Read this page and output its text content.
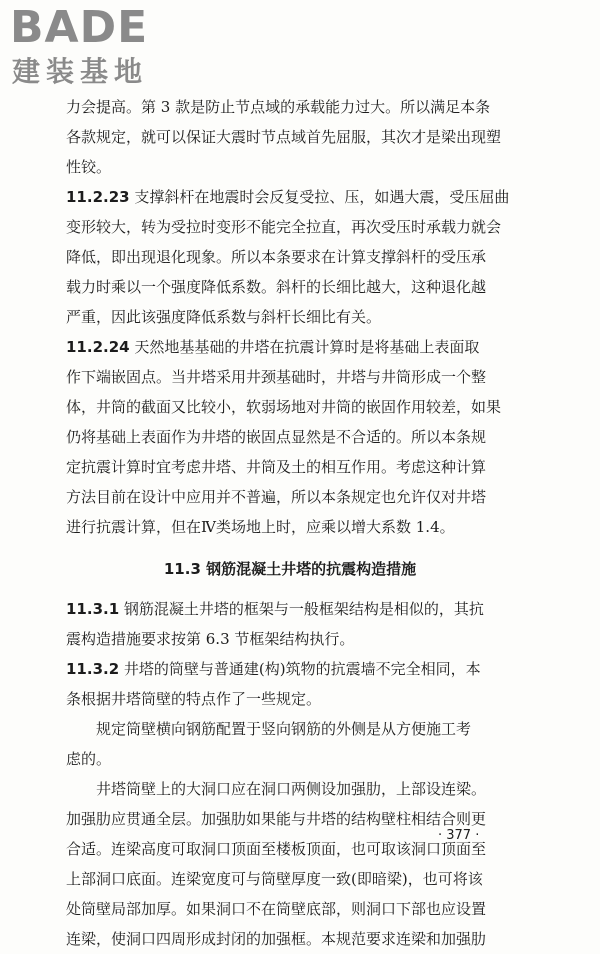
BADE
建装基地
力会提高。第 3 款是防止节点域的承载能力过大。所以满足本条
各款规定，就可以保证大震时节点域首先屈服，其次才是梁出现塑
性铰。
11.2.23 支撑斜杆在地震时会反复受拉、压，如遇大震，受压屈曲
变形较大，转为受拉时变形不能完全拉直，再次受压时承载力就会
降低，即出现退化现象。所以本条要求在计算支撑斜杆的受压承
载力时乘以一个强度降低系数。斜杆的长细比越大，这种退化越
严重，因此该强度降低系数与斜杆长细比有关。
11.2.24 天然地基基础的井塔在抗震计算时是将基础上表面取
作下端嵌固点。当井塔采用井颈基础时，井塔与井筒形成一个整
体，井筒的截面又比较小，软弱场地对井筒的嵌固作用较差，如果
仍将基础上表面作为井塔的嵌固点显然是不合适的。所以本条规
定抗震计算时宜考虑井塔、井筒及土的相互作用。考虑这种计算
方法目前在设计中应用并不普遍，所以本条规定也允许仅对井塔
进行抗震计算，但在Ⅳ类场地上时，应乘以增大系数 1.4。
11.3 钢筋混凝土井塔的抗震构造措施
11.3.1 钢筋混凝土井塔的框架与一般框架结构是相似的，其抗
震构造措施要求按第 6.3 节框架结构执行。
11.3.2 井塔的筒壁与普通建(构)筑物的抗震墙不完全相同，本
条根据井塔筒壁的特点作了一些规定。
规定筒壁横向钢筋配置于竖向钢筋的外侧是从方便施工考
虑的。
井塔筒壁上的大洞口应在洞口两侧设加强肋，上部设连梁。
加强肋应贯通全层。加强肋如果能与井塔的结构壁柱相结合则更
合适。连梁高度可取洞口顶面至楼板顶面，也可取该洞口顶面至
上部洞口底面。连梁宽度可与筒壁厚度一致(即暗梁)，也可将该
处筒壁局部加厚。如果洞口不在筒壁底部，则洞口下部也应设置
连梁，使洞口四周形成封闭的加强框。本规范要求连梁和加强肋
· 377 ·
